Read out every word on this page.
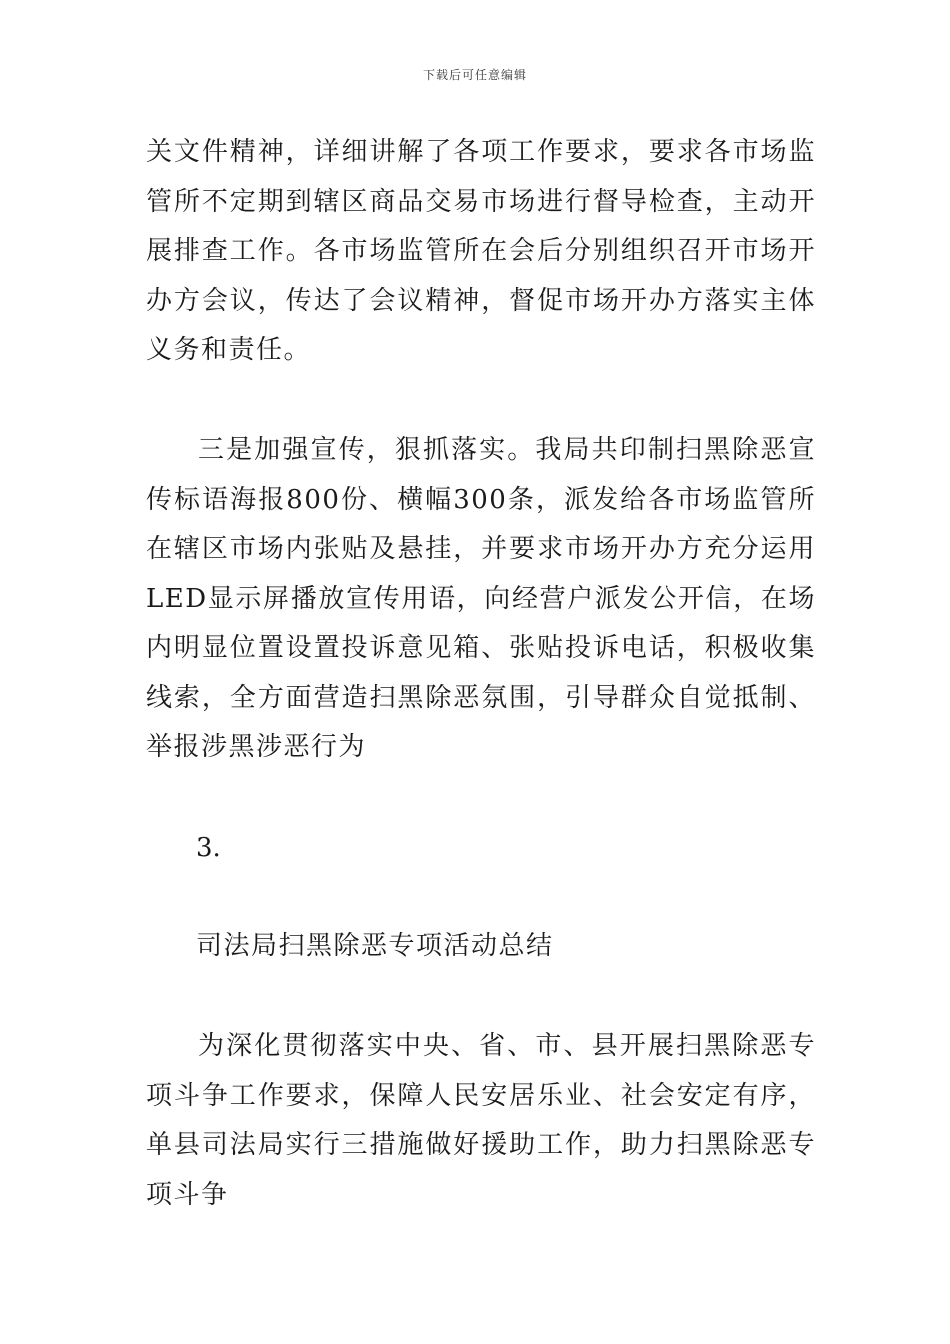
下载后可任意编辑

关文件精神，详细讲解了各项工作要求，要求各市场监管所不定期到辖区商品交易市场进行督导检查，主动开展排查工作。各市场监管所在会后分别组织召开市场开办方会议，传达了会议精神，督促市场开办方落实主体义务和责任。

三是加强宣传，狠抓落实。我局共印制扫黑除恶宣传标语海报800份、横幅300条，派发给各市场监管所在辖区市场内张贴及悬挂，并要求市场开办方充分运用LED显示屏播放宣传用语，向经营户派发公开信，在场内明显位置设置投诉意见箱、张贴投诉电话，积极收集线索，全方面营造扫黑除恶氛围，引导群众自觉抵制、举报涉黑涉恶行为

3.

司法局扫黑除恶专项活动总结

为深化贯彻落实中央、省、市、县开展扫黑除恶专项斗争工作要求，保障人民安居乐业、社会安定有序，单县司法局实行三措施做好援助工作，助力扫黑除恶专项斗争
